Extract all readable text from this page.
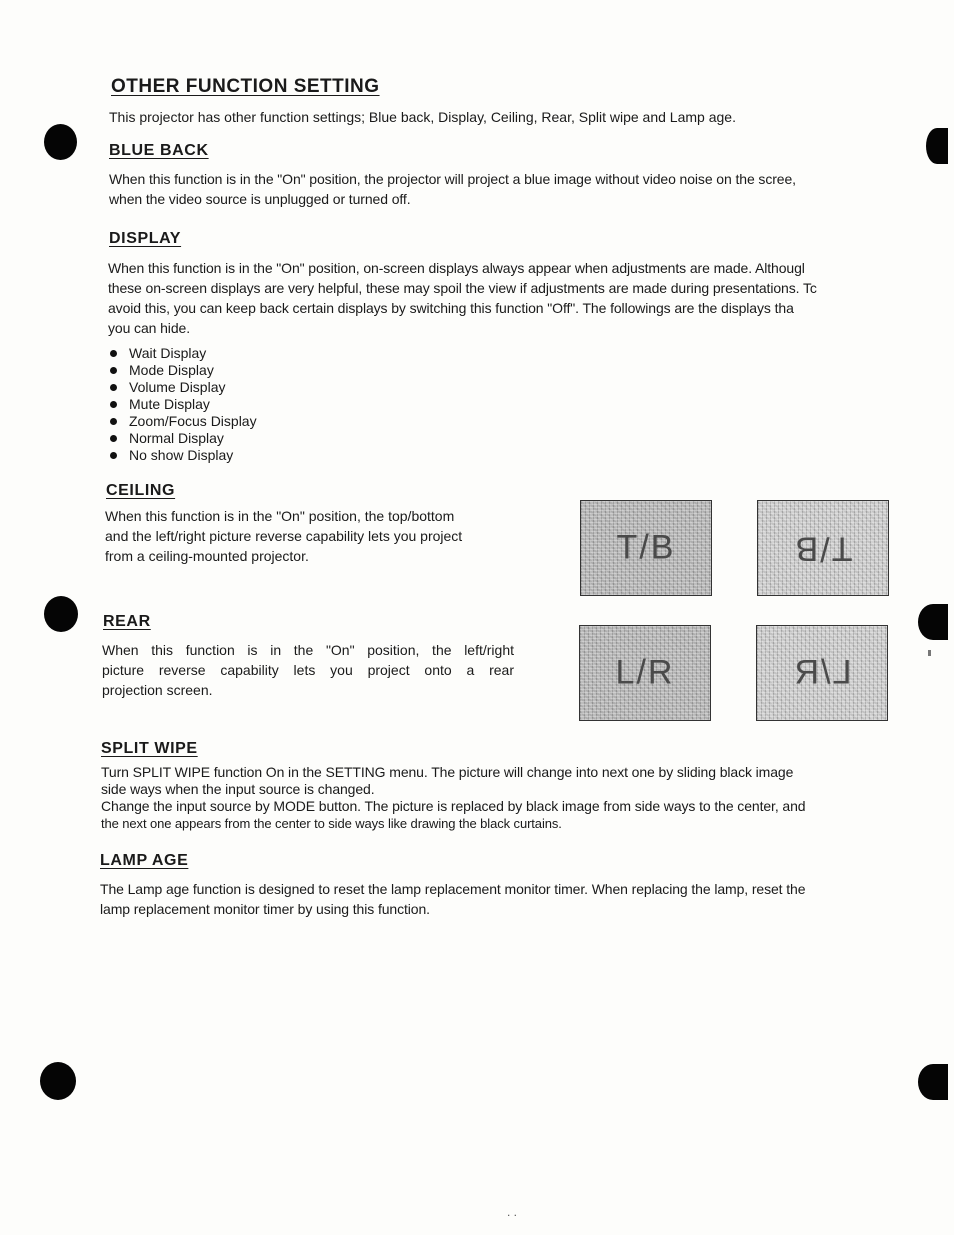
OTHER FUNCTION SETTING
This projector has other function settings; Blue back, Display, Ceiling, Rear, Split wipe and Lamp age.
BLUE BACK
When this function is in the "On" position, the projector will project a blue image without video noise on the scree,
when the video source is unplugged or turned off.
DISPLAY
When this function is in the "On" position, on-screen displays always appear when adjustments are made. Althougl
these on-screen displays are very helpful, these may spoil the view if adjustments are made during presentations. Tc
avoid this, you can keep back certain displays by switching this function "Off". The followings are the displays tha
you can hide.
Wait Display
Mode Display
Volume Display
Mute Display
Zoom/Focus Display
Normal Display
No show Display
CEILING
When this function is in the "On" position, the top/bottom
and the left/right picture reverse capability lets you project
from a ceiling-mounted projector.	T/B	T/B
REAR
When this function is in the "On" position, the left/right
picture reverse capability lets you project onto a rear
projection screen.	L/R	L/R
SPLIT WIPE
Turn SPLIT WIPE function On in the SETTING menu. The picture will change into next one by sliding black image
side ways when the input source is changed.
Change the input source by MODE button. The picture is replaced by black image from side ways to the center, and
the next one appears from the center to side ways like drawing the black curtains.
LAMP AGE
The Lamp age function is designed to reset the lamp replacement monitor timer. When replacing the lamp, reset the
lamp replacement monitor timer by using this function.
. .
